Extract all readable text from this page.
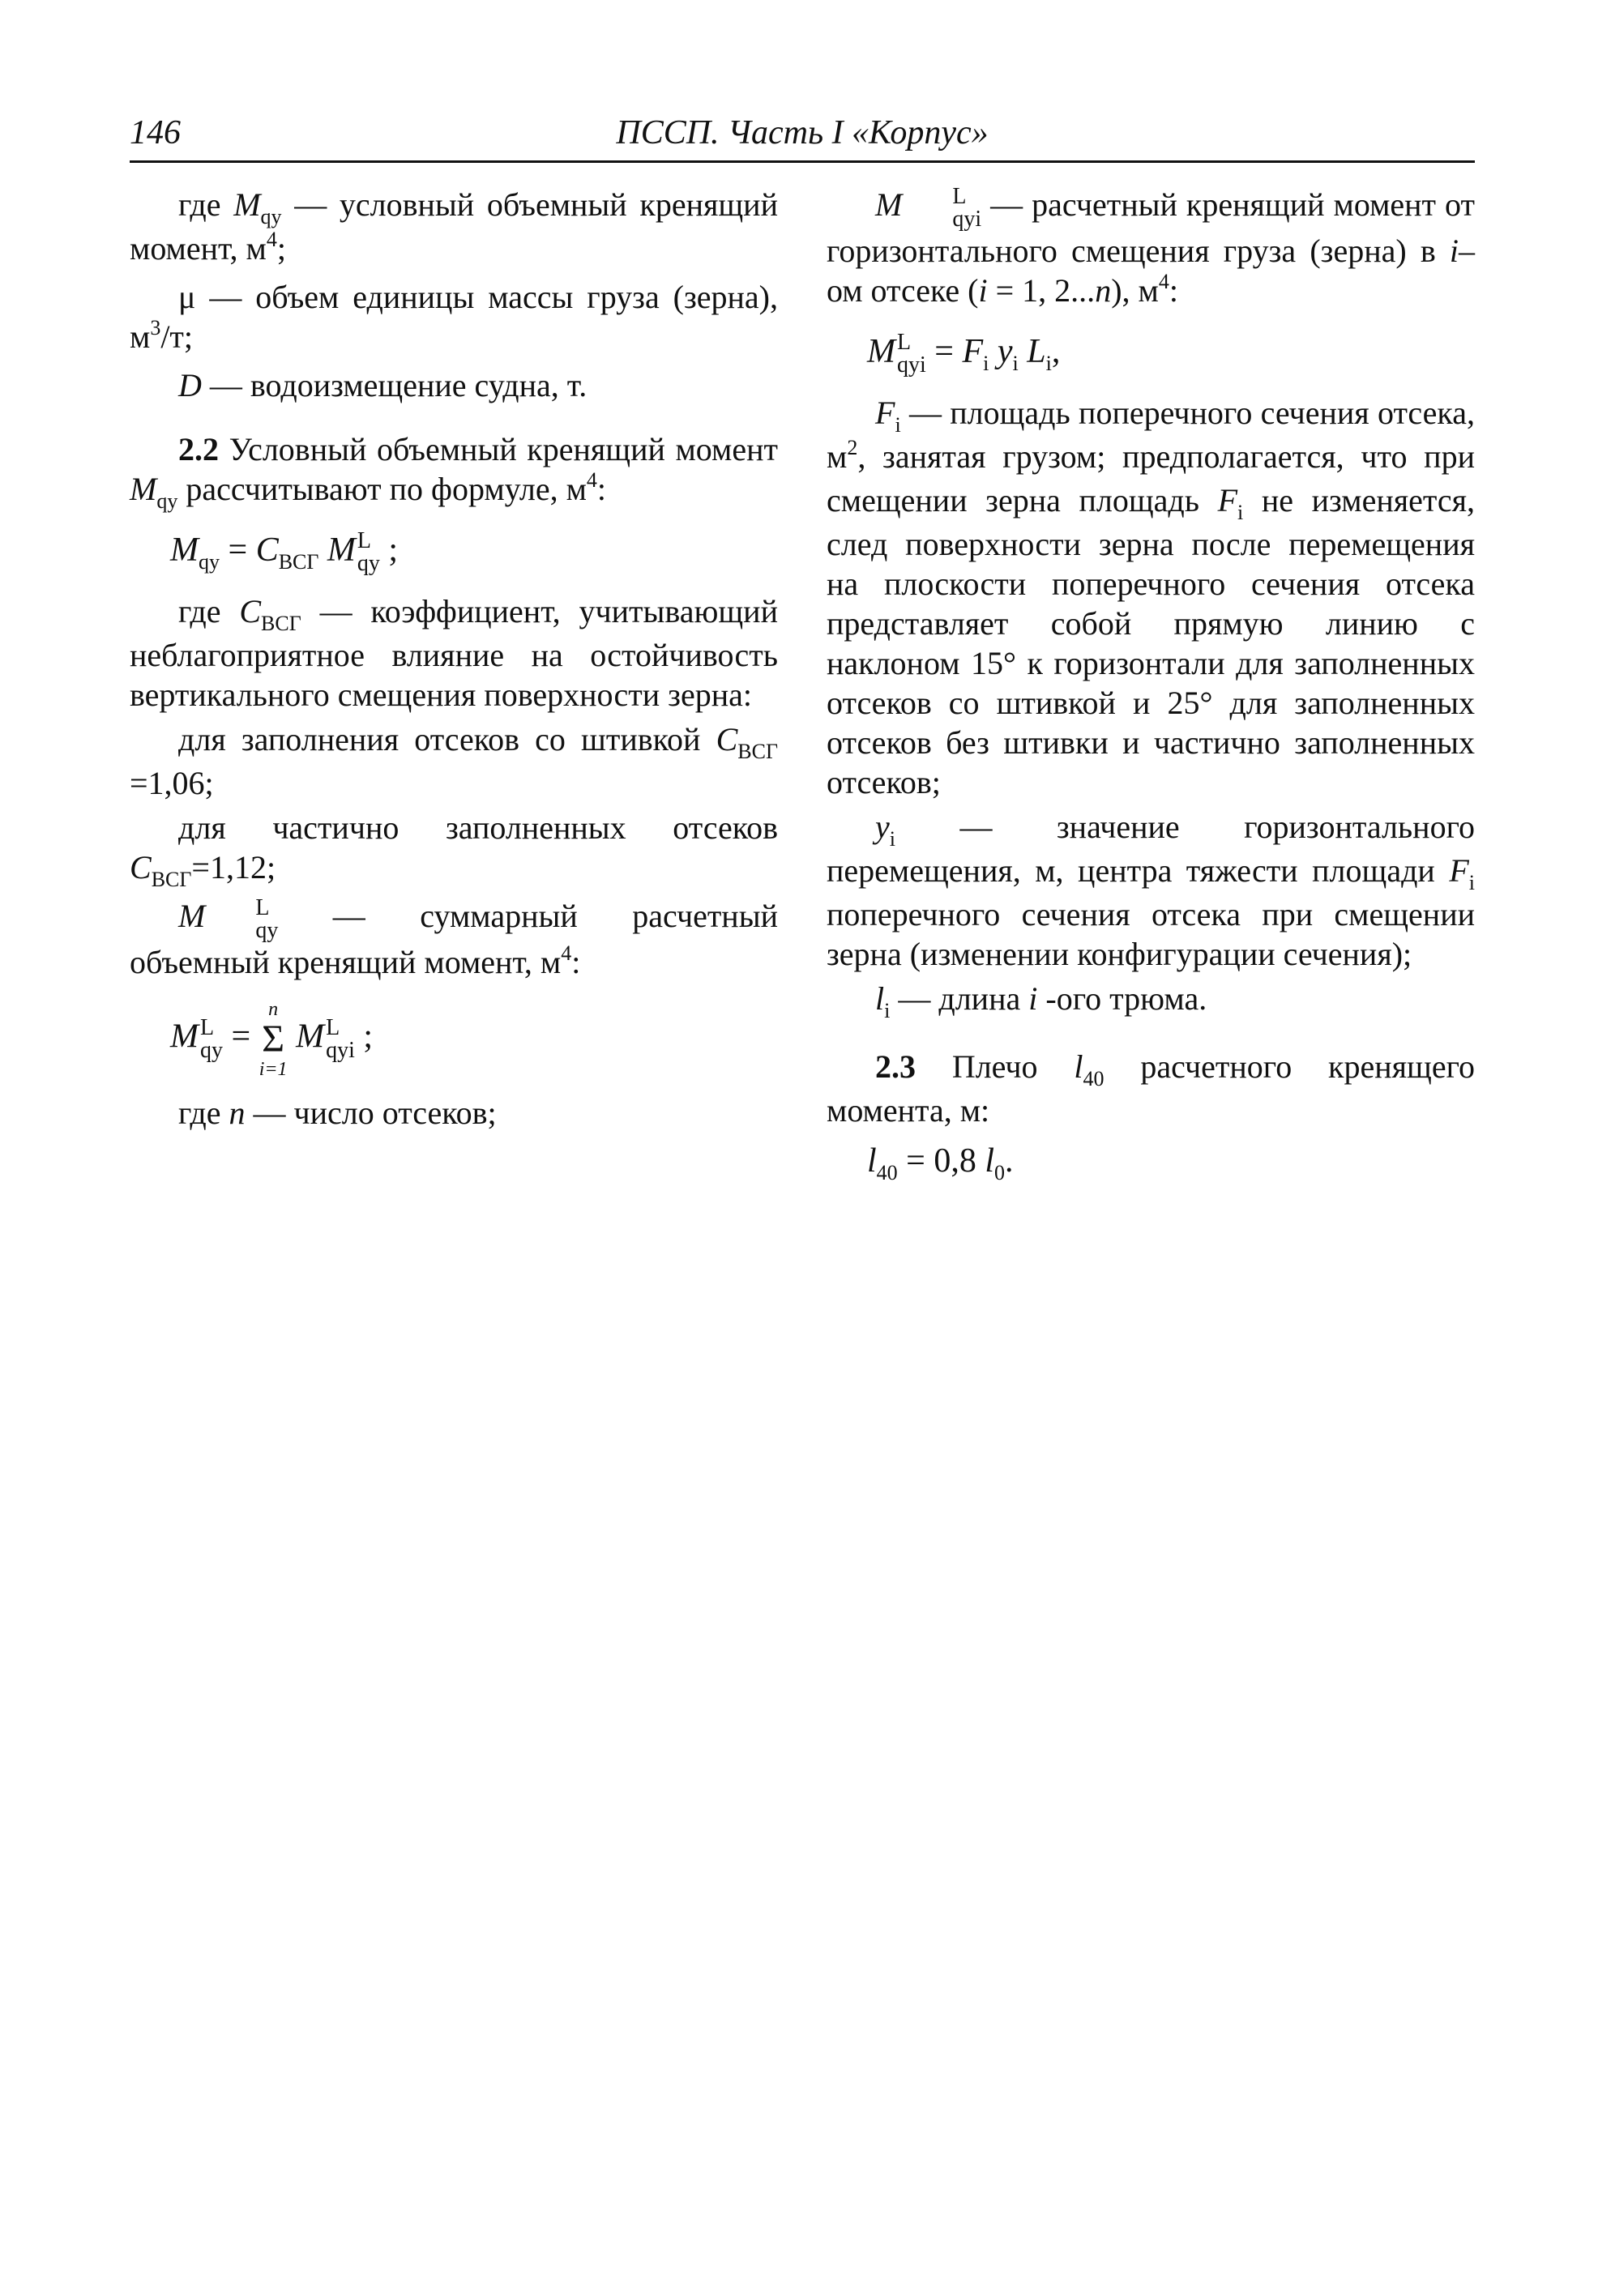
146	ПССП. Часть I «Корпус»

где $M_{qy}$ — условный объемный кренящий момент, $м^4$;

μ — объем единицы массы груза (зерна), $м^3/т$;

D — водоизмещение судна, т.

2.2 Условный объемный кренящий момент $M_{qy}$ рассчитывают по формуле, $м^4$:

$M_{qy} = C_{ВСГ}$ M L
qy ;

где $C_{ВСГ}$ — коэффициент, учитывающий неблагоприятное влияние на остойчивость вертикального смещения поверхности зерна:

для заполнения отсеков со штивкой $C_{ВСГ} =1,06$;

для частично заполненных отсеков $C_{ВСГ}=1,12$;

M	L
qy — суммарный расчетный объемный кренящий момент, $м^4$:

M L
qy =
n
Σ
i=1
M L
qyi ;

где n — число отсеков;

M	L
qyi — расчетный кренящий момент от горизонтального смещения груза (зерна) в i–ом отсеке (i = 1, 2...n), $м^4$:

M L
qyi = $F_i$ $y_i$ $L_i$,

$F_i$ — площадь поперечного сечения отсека, $м^2$, занятая грузом; предполагается, что при смещении зерна площадь $F_i$ не изменяется, след поверхности зерна после перемещения на плоскости поперечного сечения отсека представляет собой прямую линию с наклоном 15° к горизонтали для заполненных отсеков со штивкой и 25° для заполненных отсеков без штивки и частично заполненных отсеков;

$y_i$ — значение горизонтального перемещения, м, центра тяжести площади $F_i$ поперечного сечения отсека при смещении зерна (изменении конфигурации сечения);

$l_i$ — длина i -ого трюма.

2.3 Плечо $l_{40}$ расчетного кренящего момента, м:

$l_{40} = 0,8$ $l_0$.
